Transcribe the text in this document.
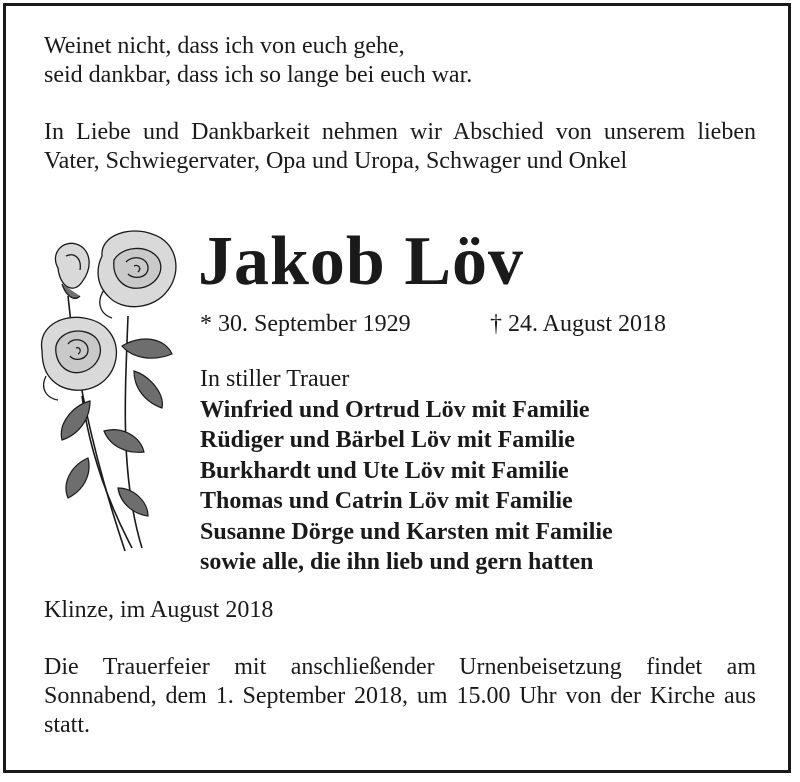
Weinet nicht, dass ich von euch gehe,
seid dankbar, dass ich so lange bei euch war.

In Liebe und Dankbarkeit nehmen wir Abschied von unserem lieben Vater, Schwiegervater, Opa und Uropa, Schwager und Onkel

Jakob Löv
* 30. September 1929	† 24. August 2018
In stiller Trauer
Winfried und Ortrud Löv mit Familie
Rüdiger und Bärbel Löv mit Familie
Burkhardt und Ute Löv mit Familie
Thomas und Catrin Löv mit Familie
Susanne Dörge und Karsten mit Familie
sowie alle, die ihn lieb und gern hatten

Klinze, im August 2018

Die Trauerfeier mit anschließender Urnenbeisetzung findet am Sonnabend, dem 1. September 2018, um 15.00 Uhr von der Kirche aus statt.
